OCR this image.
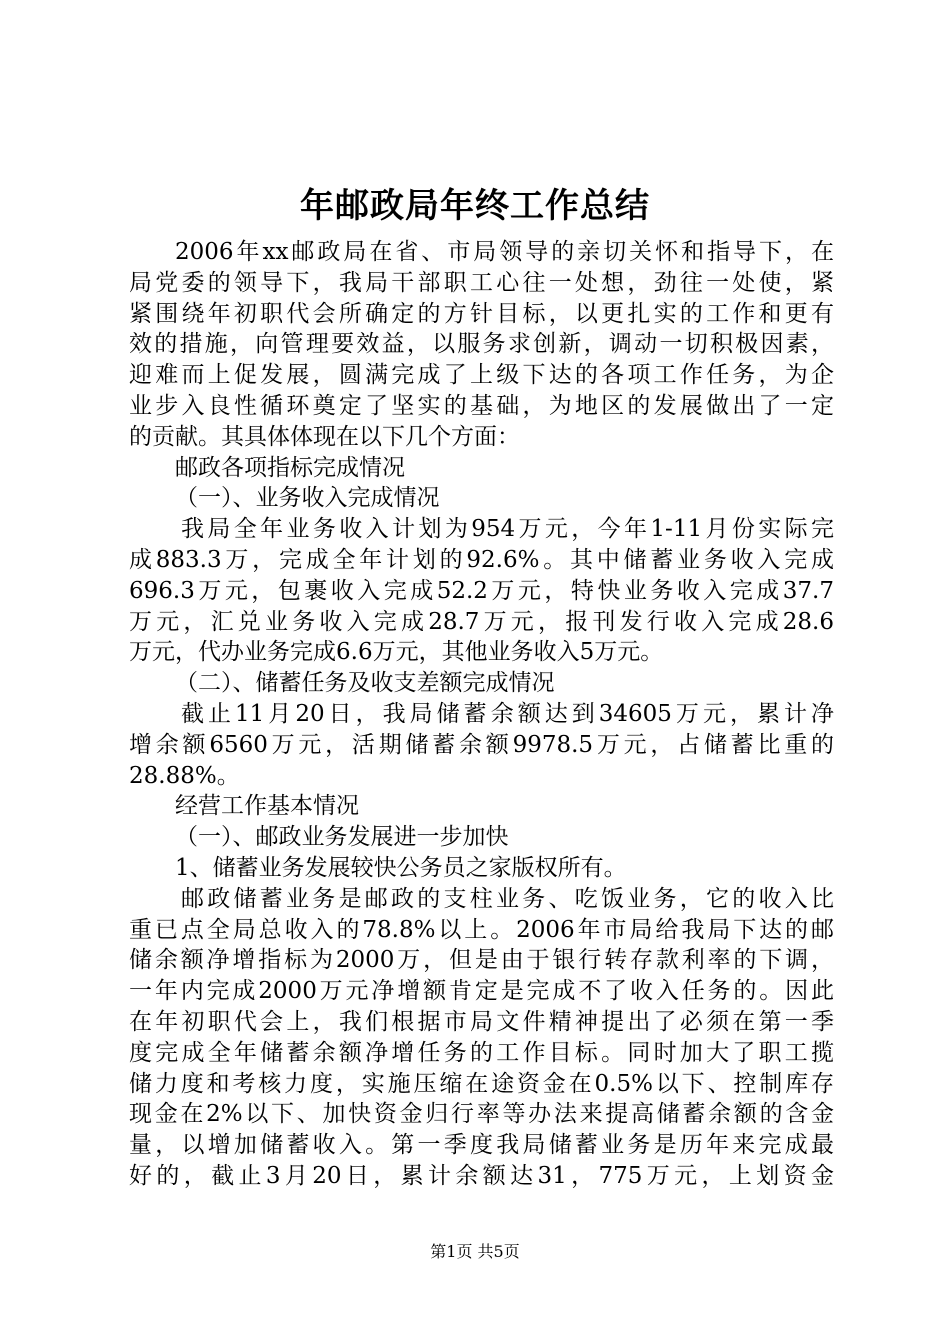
年邮政局年终工作总结
2006年xx邮政局在省、市局领导的亲切关怀和指导下，在
局党委的领导下，我局干部职工心往一处想，劲往一处使，紧
紧围绕年初职代会所确定的方针目标，以更扎实的工作和更有
效的措施，向管理要效益，以服务求创新，调动一切积极因素，
迎难而上促发展，圆满完成了上级下达的各项工作任务，为企
业步入良性循环奠定了坚实的基础，为地区的发展做出了一定
的贡献。其具体体现在以下几个方面：
邮政各项指标完成情况
（一）、业务收入完成情况
我局全年业务收入计划为954万元，今年1-11月份实际完
成883.3万，完成全年计划的92.6%。其中储蓄业务收入完成
696.3万元，包裹收入完成52.2万元，特快业务收入完成37.7
万元，汇兑业务收入完成28.7万元，报刊发行收入完成28.6
万元，代办业务完成6.6万元，其他业务收入5万元。
（二）、储蓄任务及收支差额完成情况
截止11月20日，我局储蓄余额达到34605万元，累计净
增余额6560万元，活期储蓄余额9978.5万元，占储蓄比重的
28.88%。
经营工作基本情况
（一）、邮政业务发展进一步加快
1、储蓄业务发展较快公务员之家版权所有。
邮政储蓄业务是邮政的支柱业务、吃饭业务，它的收入比
重已点全局总收入的78.8%以上。2006年市局给我局下达的邮
储余额净增指标为2000万，但是由于银行转存款利率的下调，
一年内完成2000万元净增额肯定是完成不了收入任务的。因此
在年初职代会上，我们根据市局文件精神提出了必须在第一季
度完成全年储蓄余额净增任务的工作目标。同时加大了职工揽
储力度和考核力度，实施压缩在途资金在0.5%以下、控制库存
现金在2%以下、加快资金归行率等办法来提高储蓄余额的含金
量，以增加储蓄收入。第一季度我局储蓄业务是历年来完成最
好的，截止3月20日，累计余额达31，775万元，上划资金
第1页 共5页
